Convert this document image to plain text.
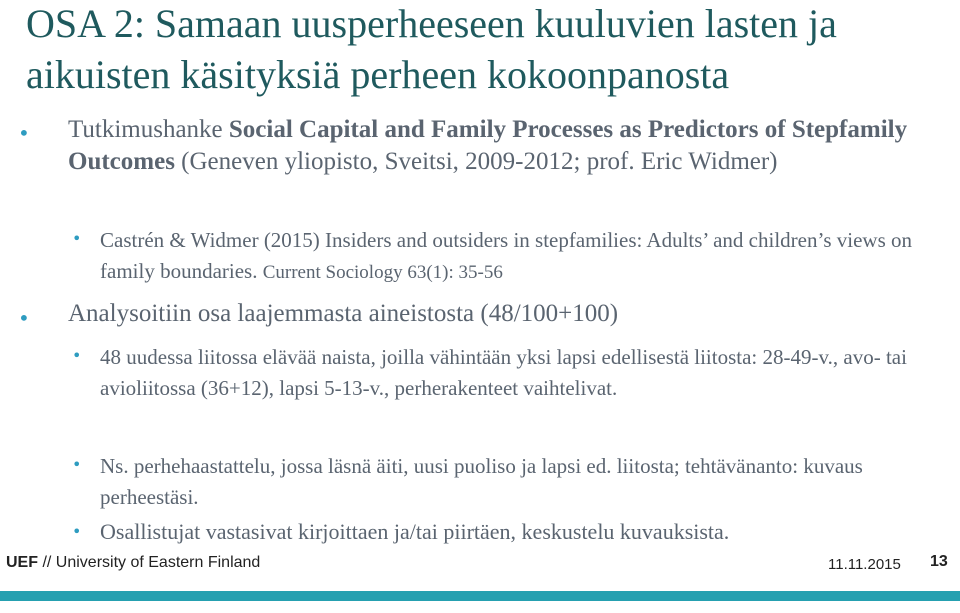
OSA 2: Samaan uusperheeseen kuuluvien lasten ja aikuisten käsityksiä perheen kokoonpanosta
• Tutkimushanke Social Capital and Family Processes as Predictors of Stepfamily Outcomes (Geneven yliopisto, Sveitsi, 2009-2012; prof. Eric Widmer)
• Castrén & Widmer (2015) Insiders and outsiders in stepfamilies: Adults’ and children’s views on family boundaries. Current Sociology 63(1): 35-56
• Analysoitiin osa laajemmasta aineistosta (48/100+100)
• 48 uudessa liitossa elävää naista, joilla vähintään yksi lapsi edellisestä liitosta: 28-49-v., avo- tai avioliitossa (36+12), lapsi 5-13-v., perherakenteet vaihtelivat.
• Ns. perhehaastattelu, jossa läsnä äiti, uusi puoliso ja lapsi ed. liitosta; tehtävänanto: kuvaus perheestäsi.
• Osallistujat vastasivat kirjoittaen ja/tai piirtäen, keskustelu kuvauksista.
UEF // University of Eastern Finland	11.11.2015 13
